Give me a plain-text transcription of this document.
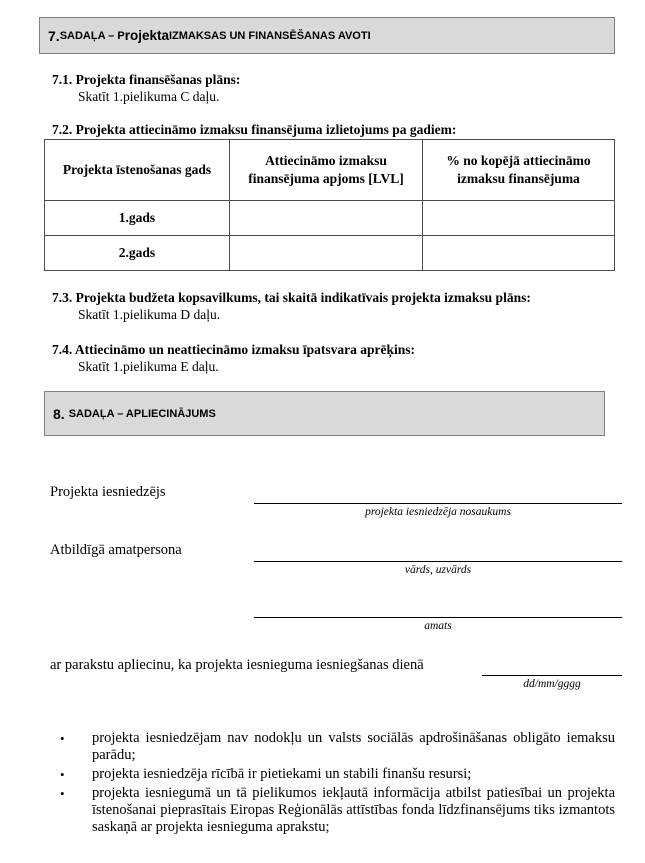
7. SADAĻA – P rojekta IZMAKSAS UN FINANSĒŠANAS AVOTI
7.1. Projekta finansēšanas plāns:
Skatīt 1.pielikuma C daļu.
7.2. Projekta attiecināmo izmaksu finansējuma izlietojums pa gadiem:
Projekta īstenošanas gads	Attiecināmo izmaksu finansējuma apjoms [LVL]	% no kopējā attiecināmo izmaksu finansējuma
1.gads		
2.gads		
7.3. Projekta budžeta kopsavilkums, tai skaitā indikatīvais projekta izmaksu plāns:
Skatīt 1.pielikuma D daļu.
7.4. Attiecināmo un neattiecināmo izmaksu īpatsvara aprēķins:
Skatīt 1.pielikuma E daļu.
8. SADAĻA – A PLIECINĀJUMS
Projekta iesniedzējs
projekta iesniedzēja nosaukums
Atbildīgā amatpersona
vārds, uzvārds
amats
ar parakstu apliecinu, ka projekta iesnieguma iesniegšanas dienā
dd/mm/gggg
• projekta iesniedzējam nav nodokļu un valsts sociālās apdrošināšanas obligāto iemaksu parādu;
• projekta iesniedzēja rīcībā ir pietiekami un stabili finanšu resursi;
• projekta iesniegumā un tā pielikumos iekļautā informācija atbilst patiesībai un projekta īstenošanai pieprasītais Eiropas Reģionālās attīstības fonda līdzfinansējums tiks izmantots saskaņā ar projekta iesnieguma aprakstu;
